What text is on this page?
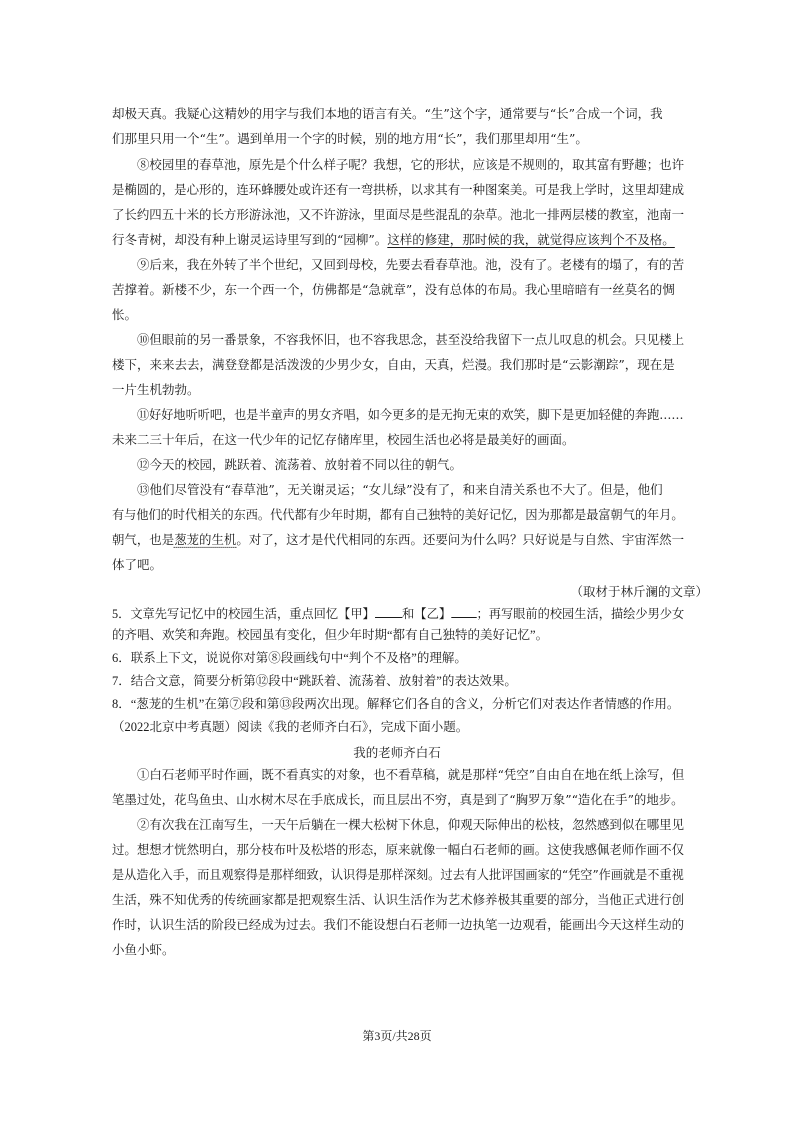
却极天真。我疑心这精妙的用字与我们本地的语言有关。“生”这个字，通常要与“长”合成一个词，我
们那里只用一个“生”。遇到单用一个字的时候，别的地方用“长”，我们那里却用“生”。
⑧校园里的春草池，原先是个什么样子呢？我想，它的形状，应该是不规则的，取其富有野趣；也许
是椭圆的，是心形的，连环蜂腰处或许还有一弯拱桥，以求其有一种图案美。可是我上学时，这里却建成
了长约四五十米的长方形游泳池，又不许游泳，里面尽是些混乱的杂草。池北一排两层楼的教室，池南一
行冬青树，却没有种上谢灵运诗里写到的“园柳”。这样的修建，那时候的我，就觉得应该判个不及格。
⑨后来，我在外转了半个世纪，又回到母校，先要去看春草池。池，没有了。老楼有的塌了，有的苦
苦撑着。新楼不少，东一个西一个，仿佛都是“急就章”，没有总体的布局。我心里暗暗有一丝莫名的惆
怅。
⑩但眼前的另一番景象，不容我怀旧，也不容我思念，甚至没给我留下一点儿叹息的机会。只见楼上
楼下，来来去去，满登登都是活泼泼的少男少女，自由，天真，烂漫。我们那时是“云影潮踪”，现在是
一片生机勃勃。
⑪好好地听听吧，也是半童声的男女齐唱，如今更多的是无拘无束的欢笑，脚下是更加轻健的奔跑……
未来二三十年后，在这一代少年的记忆存储库里，校园生活也必将是最美好的画面。
⑫今天的校园，跳跃着、流荡着、放射着不同以往的朝气。
⑬他们尽管没有“春草池”，无关谢灵运；“女儿绿”没有了，和来自清关系也不大了。但是，他们
有与他们的时代相关的东西。代代都有少年时期，都有自己独特的美好记忆，因为那都是最富朝气的年月。
朝气，也是葱茏的生机。对了，这才是代代相同的东西。还要问为什么吗？只好说是与自然、宇宙浑然一
体了吧。
（取材于林斤澜的文章）
5．文章先写记忆中的校园生活，重点回忆【甲】 和【乙】 ；再写眼前的校园生活，描绘少男少女
的齐唱、欢笑和奔跑。校园虽有变化，但少年时期“都有自己独特的美好记忆”。
6．联系上下文，说说你对第⑧段画线句中“判个不及格”的理解。
7．结合文意，简要分析第⑫段中“跳跃着、流荡着、放射着”的表达效果。
8．“葱茏的生机”在第⑦段和第⑬段两次出现。解释它们各自的含义，分析它们对表达作者情感的作用。
（2022北京中考真题）阅读《我的老师齐白石》，完成下面小题。
我的老师齐白石
①白石老师平时作画，既不看真实的对象，也不看草稿，就是那样“凭空”自由自在地在纸上涂写，但
笔墨过处，花鸟鱼虫、山水树木尽在手底成长，而且层出不穷，真是到了“胸罗万象”“造化在手”的地步。
②有次我在江南写生，一天午后躺在一棵大松树下休息，仰观天际伸出的松枝，忽然感到似在哪里见
过。想想才恍然明白，那分枝布叶及松塔的形态，原来就像一幅白石老师的画。这使我感佩老师作画不仅
是从造化入手，而且观察得是那样细致，认识得是那样深刻。过去有人批评国画家的“凭空”作画就是不重视
生活，殊不知优秀的传统画家都是把观察生活、认识生活作为艺术修养极其重要的部分，当他正式进行创
作时，认识生活的阶段已经成为过去。我们不能设想白石老师一边执笔一边观看，能画出今天这样生动的
小鱼小虾。
第3页/共28页
